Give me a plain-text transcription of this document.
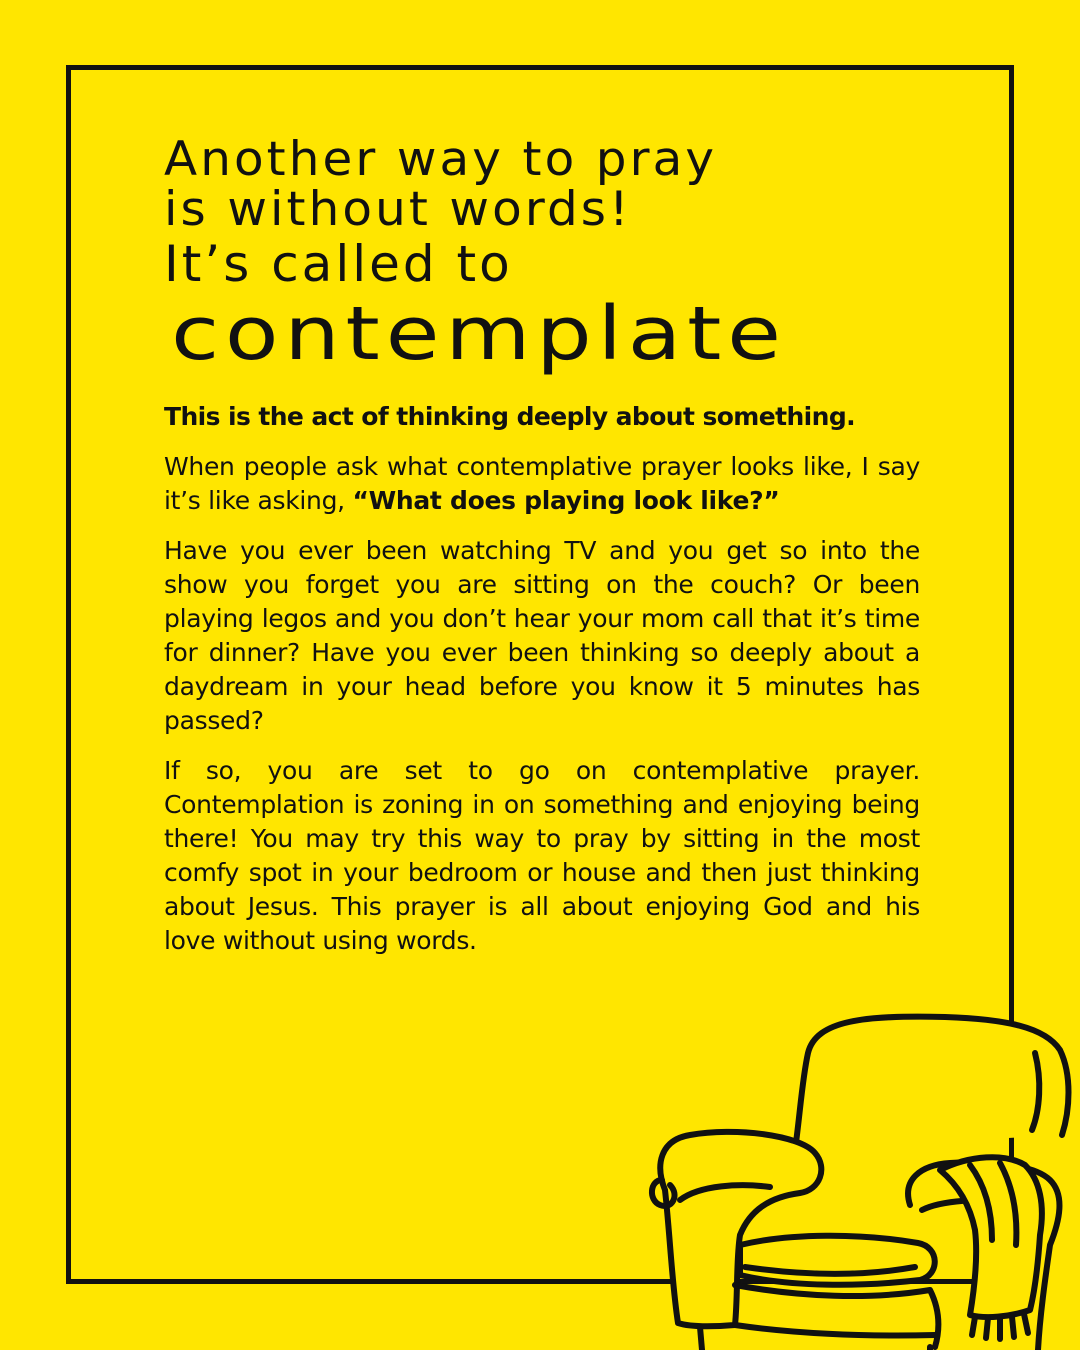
Another way to pray
is without words!
It’s called to
contemplate

This is the act of thinking deeply about something.

When people ask what contemplative prayer looks like, I say it’s like asking, “What does playing look like?”

Have you ever been watching TV and you get so into the show you forget you are sitting on the couch? Or been playing legos and you don’t hear your mom call that it’s time for dinner? Have you ever been thinking so deeply about a daydream in your head before you know it 5 minutes has passed?

If so, you are set to go on contemplative prayer. Contemplation is zoning in on something and enjoying being there! You may try this way to pray by sitting in the most comfy spot in your bedroom or house and then just thinking about Jesus. This prayer is all about enjoying God and his love without using words.
